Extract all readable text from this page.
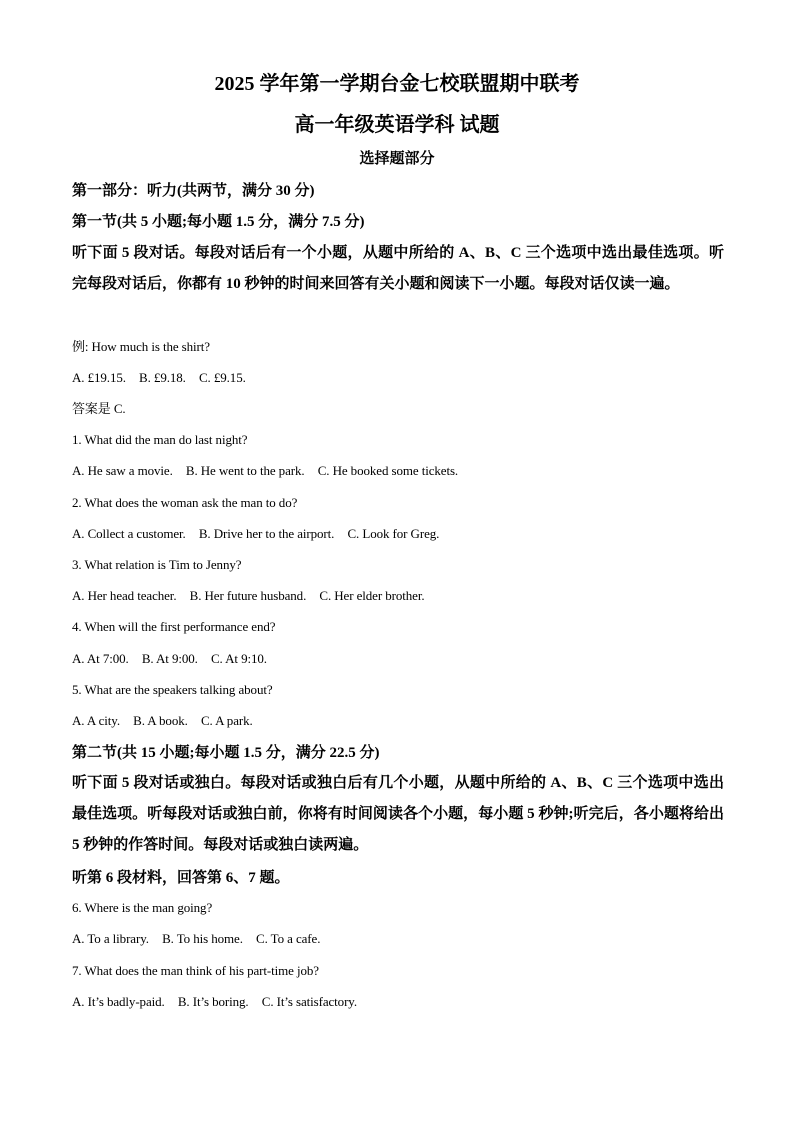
2025 学年第一学期台金七校联盟期中联考
高一年级英语学科 试题
选择题部分
第一部分：听力(共两节，满分 30 分)
第一节(共 5 小题;每小题 1.5 分，满分 7.5 分)
听下面 5 段对话。每段对话后有一个小题，从题中所给的 A、B、C 三个选项中选出最佳选项。听完每段对话后，你都有 10 秒钟的时间来回答有关小题和阅读下一小题。每段对话仅读一遍。
例: How much is the shirt?
A. £19.15. B. £9.18. C. £9.15.
答案是 C.
1. What did the man do last night?
A. He saw a movie. B. He went to the park. C. He booked some tickets.
2. What does the woman ask the man to do?
A. Collect a customer. B. Drive her to the airport. C. Look for Greg.
3. What relation is Tim to Jenny?
A. Her head teacher. B. Her future husband. C. Her elder brother.
4. When will the first performance end?
A. At 7:00. B. At 9:00. C. At 9:10.
5. What are the speakers talking about?
A. A city. B. A book. C. A park.
第二节(共 15 小题;每小题 1.5 分，满分 22.5 分)
听下面 5 段对话或独白。每段对话或独白后有几个小题，从题中所给的 A、B、C 三个选项中选出最佳选项。听每段对话或独白前，你将有时间阅读各个小题，每小题 5 秒钟;听完后，各小题将给出 5 秒钟的作答时间。每段对话或独白读两遍。
听第 6 段材料，回答第 6、7 题。
6. Where is the man going?
A. To a library. B. To his home. C. To a cafe.
7. What does the man think of his part-time job?
A. It’s badly-paid. B. It’s boring. C. It’s satisfactory.
